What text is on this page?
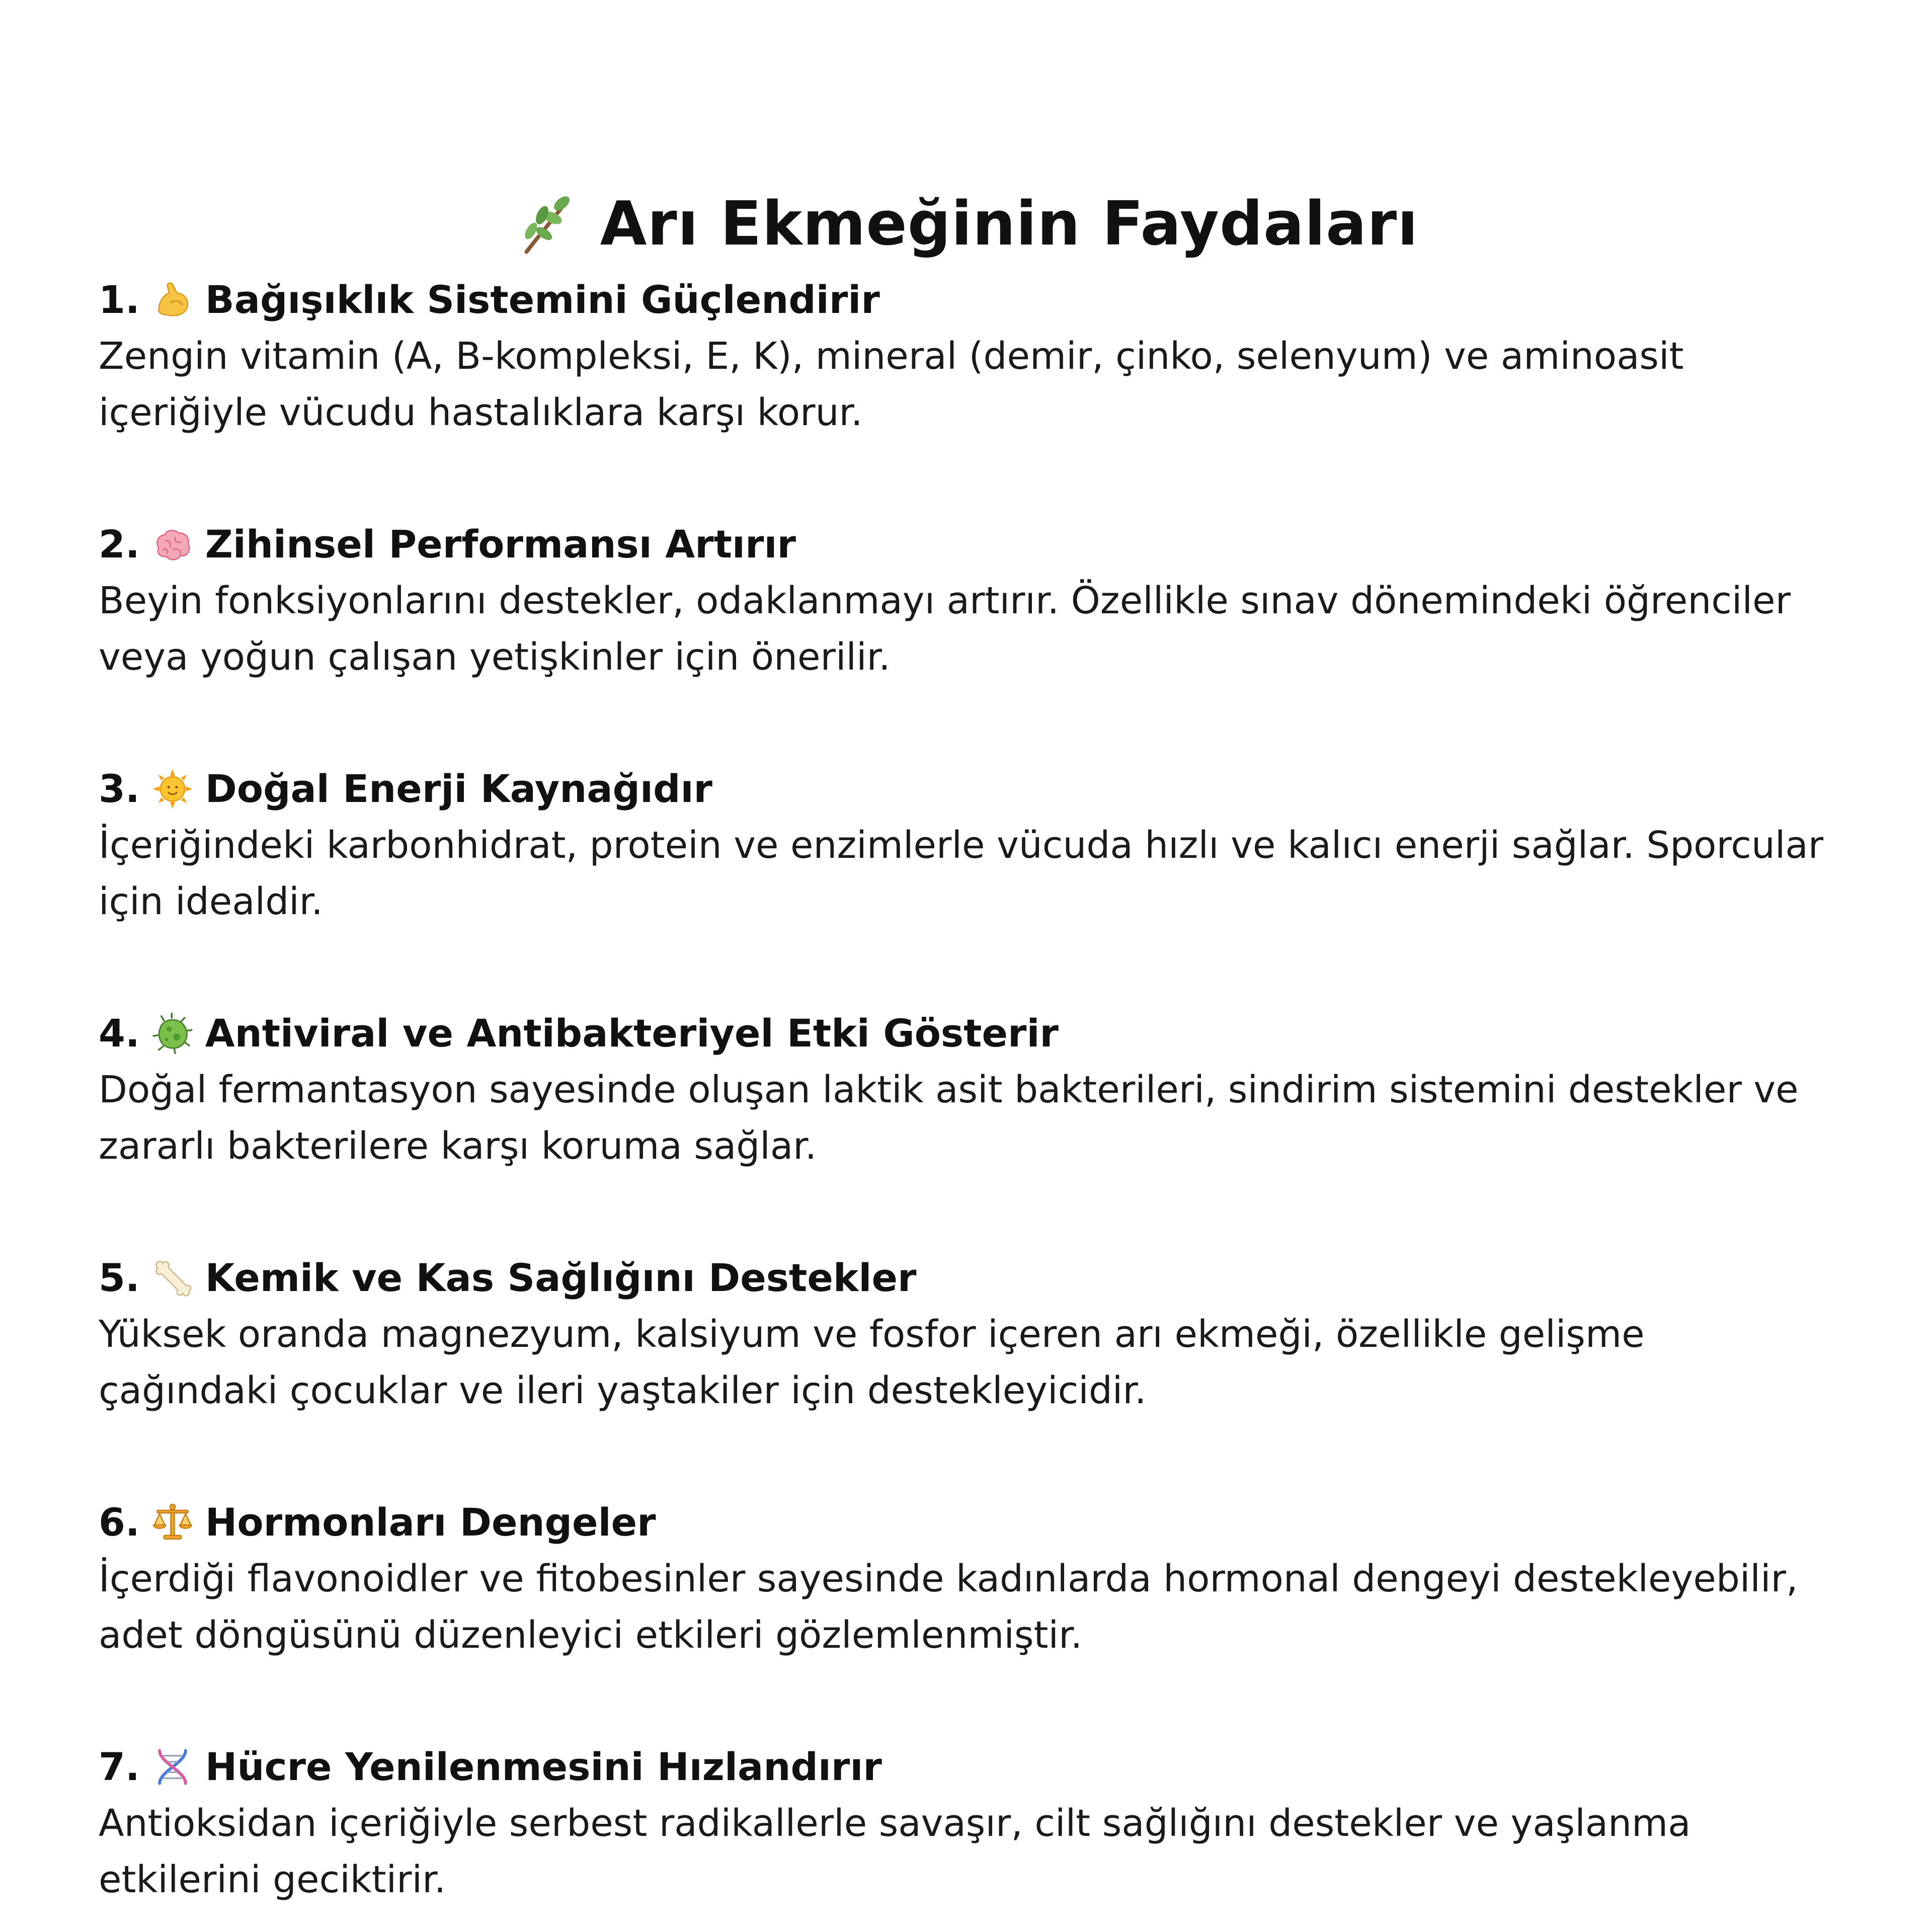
Arı Ekmeğinin Faydaları
1. Bağışıklık Sistemini Güçlendirir
Zengin vitamin (A, B-kompleksi, E, K), mineral (demir, çinko, selenyum) ve aminoasit içeriğiyle vücudu hastalıklara karşı korur.
2. Zihinsel Performansı Artırır
Beyin fonksiyonlarını destekler, odaklanmayı artırır. Özellikle sınav dönemindeki öğrenciler veya yoğun çalışan yetişkinler için önerilir.
3. Doğal Enerji Kaynağıdır
İçeriğindeki karbonhidrat, protein ve enzimlerle vücuda hızlı ve kalıcı enerji sağlar. Sporcular için idealdir.
4. Antiviral ve Antibakteriyel Etki Gösterir
Doğal fermantasyon sayesinde oluşan laktik asit bakterileri, sindirim sistemini destekler ve zararlı bakterilere karşı koruma sağlar.
5. Kemik ve Kas Sağlığını Destekler
Yüksek oranda magnezyum, kalsiyum ve fosfor içeren arı ekmeği, özellikle gelişme çağındaki çocuklar ve ileri yaştakiler için destekleyicidir.
6. Hormonları Dengeler
İçerdiği flavonoidler ve fitobesinler sayesinde kadınlarda hormonal dengeyi destekleyebilir, adet döngüsünü düzenleyici etkileri gözlemlenmiştir.
7. Hücre Yenilenmesini Hızlandırır
Antioksidan içeriğiyle serbest radikallerle savaşır, cilt sağlığını destekler ve yaşlanma etkilerini geciktirir.
